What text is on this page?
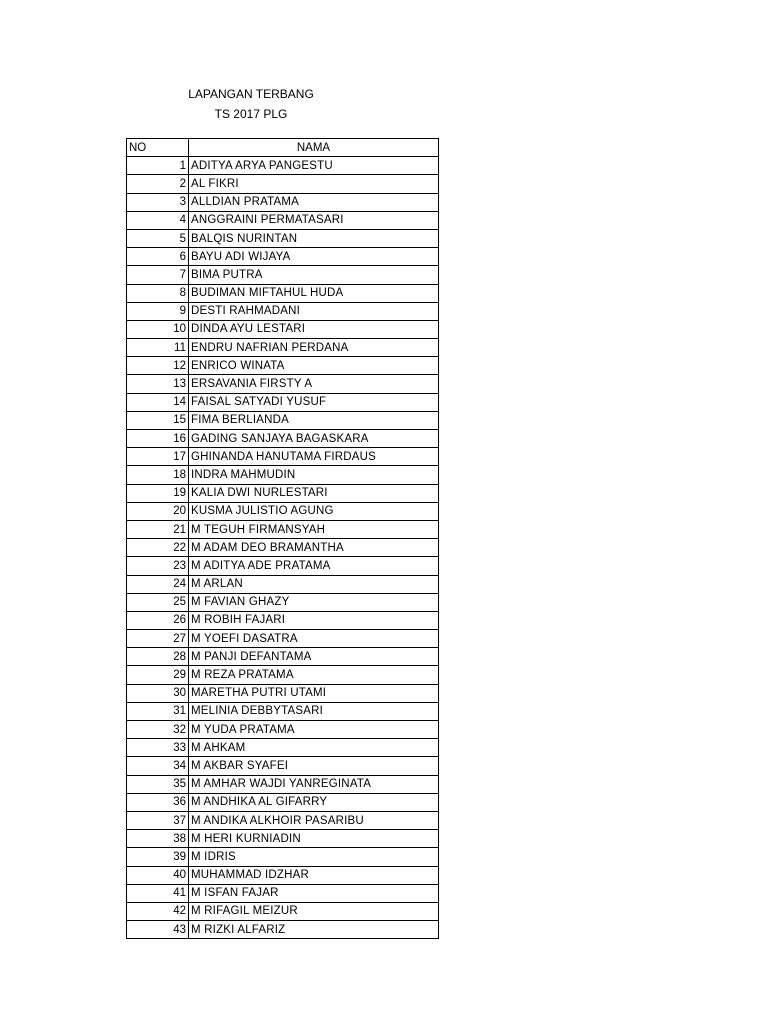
LAPANGAN TERBANG
TS 2017 PLG
NO	NAMA
1	ADITYA ARYA PANGESTU
2	AL FIKRI
3	ALLDIAN PRATAMA
4	ANGGRAINI PERMATASARI
5	BALQIS NURINTAN
6	BAYU ADI WIJAYA
7	BIMA PUTRA
8	BUDIMAN MIFTAHUL HUDA
9	DESTI RAHMADANI
10	DINDA AYU LESTARI
11	ENDRU NAFRIAN PERDANA
12	ENRICO WINATA
13	ERSAVANIA FIRSTY A
14	FAISAL SATYADI YUSUF
15	FIMA BERLIANDA
16	GADING SANJAYA BAGASKARA
17	GHINANDA HANUTAMA FIRDAUS
18	INDRA MAHMUDIN
19	KALIA DWI NURLESTARI
20	KUSMA JULISTIO AGUNG
21	M TEGUH FIRMANSYAH
22	M ADAM DEO BRAMANTHA
23	M ADITYA ADE PRATAMA
24	M ARLAN
25	M FAVIAN GHAZY
26	M ROBIH FAJARI
27	M YOEFI DASATRA
28	M PANJI DEFANTAMA
29	M REZA PRATAMA
30	MARETHA PUTRI UTAMI
31	MELINIA DEBBYTASARI
32	M YUDA PRATAMA
33	M AHKAM
34	M AKBAR SYAFEI
35	M AMHAR WAJDI YANREGINATA
36	M ANDHIKA AL GIFARRY
37	M ANDIKA ALKHOIR PASARIBU
38	M HERI KURNIADIN
39	M IDRIS
40	MUHAMMAD IDZHAR
41	M ISFAN FAJAR
42	M RIFAGIL MEIZUR
43	M RIZKI ALFARIZ
